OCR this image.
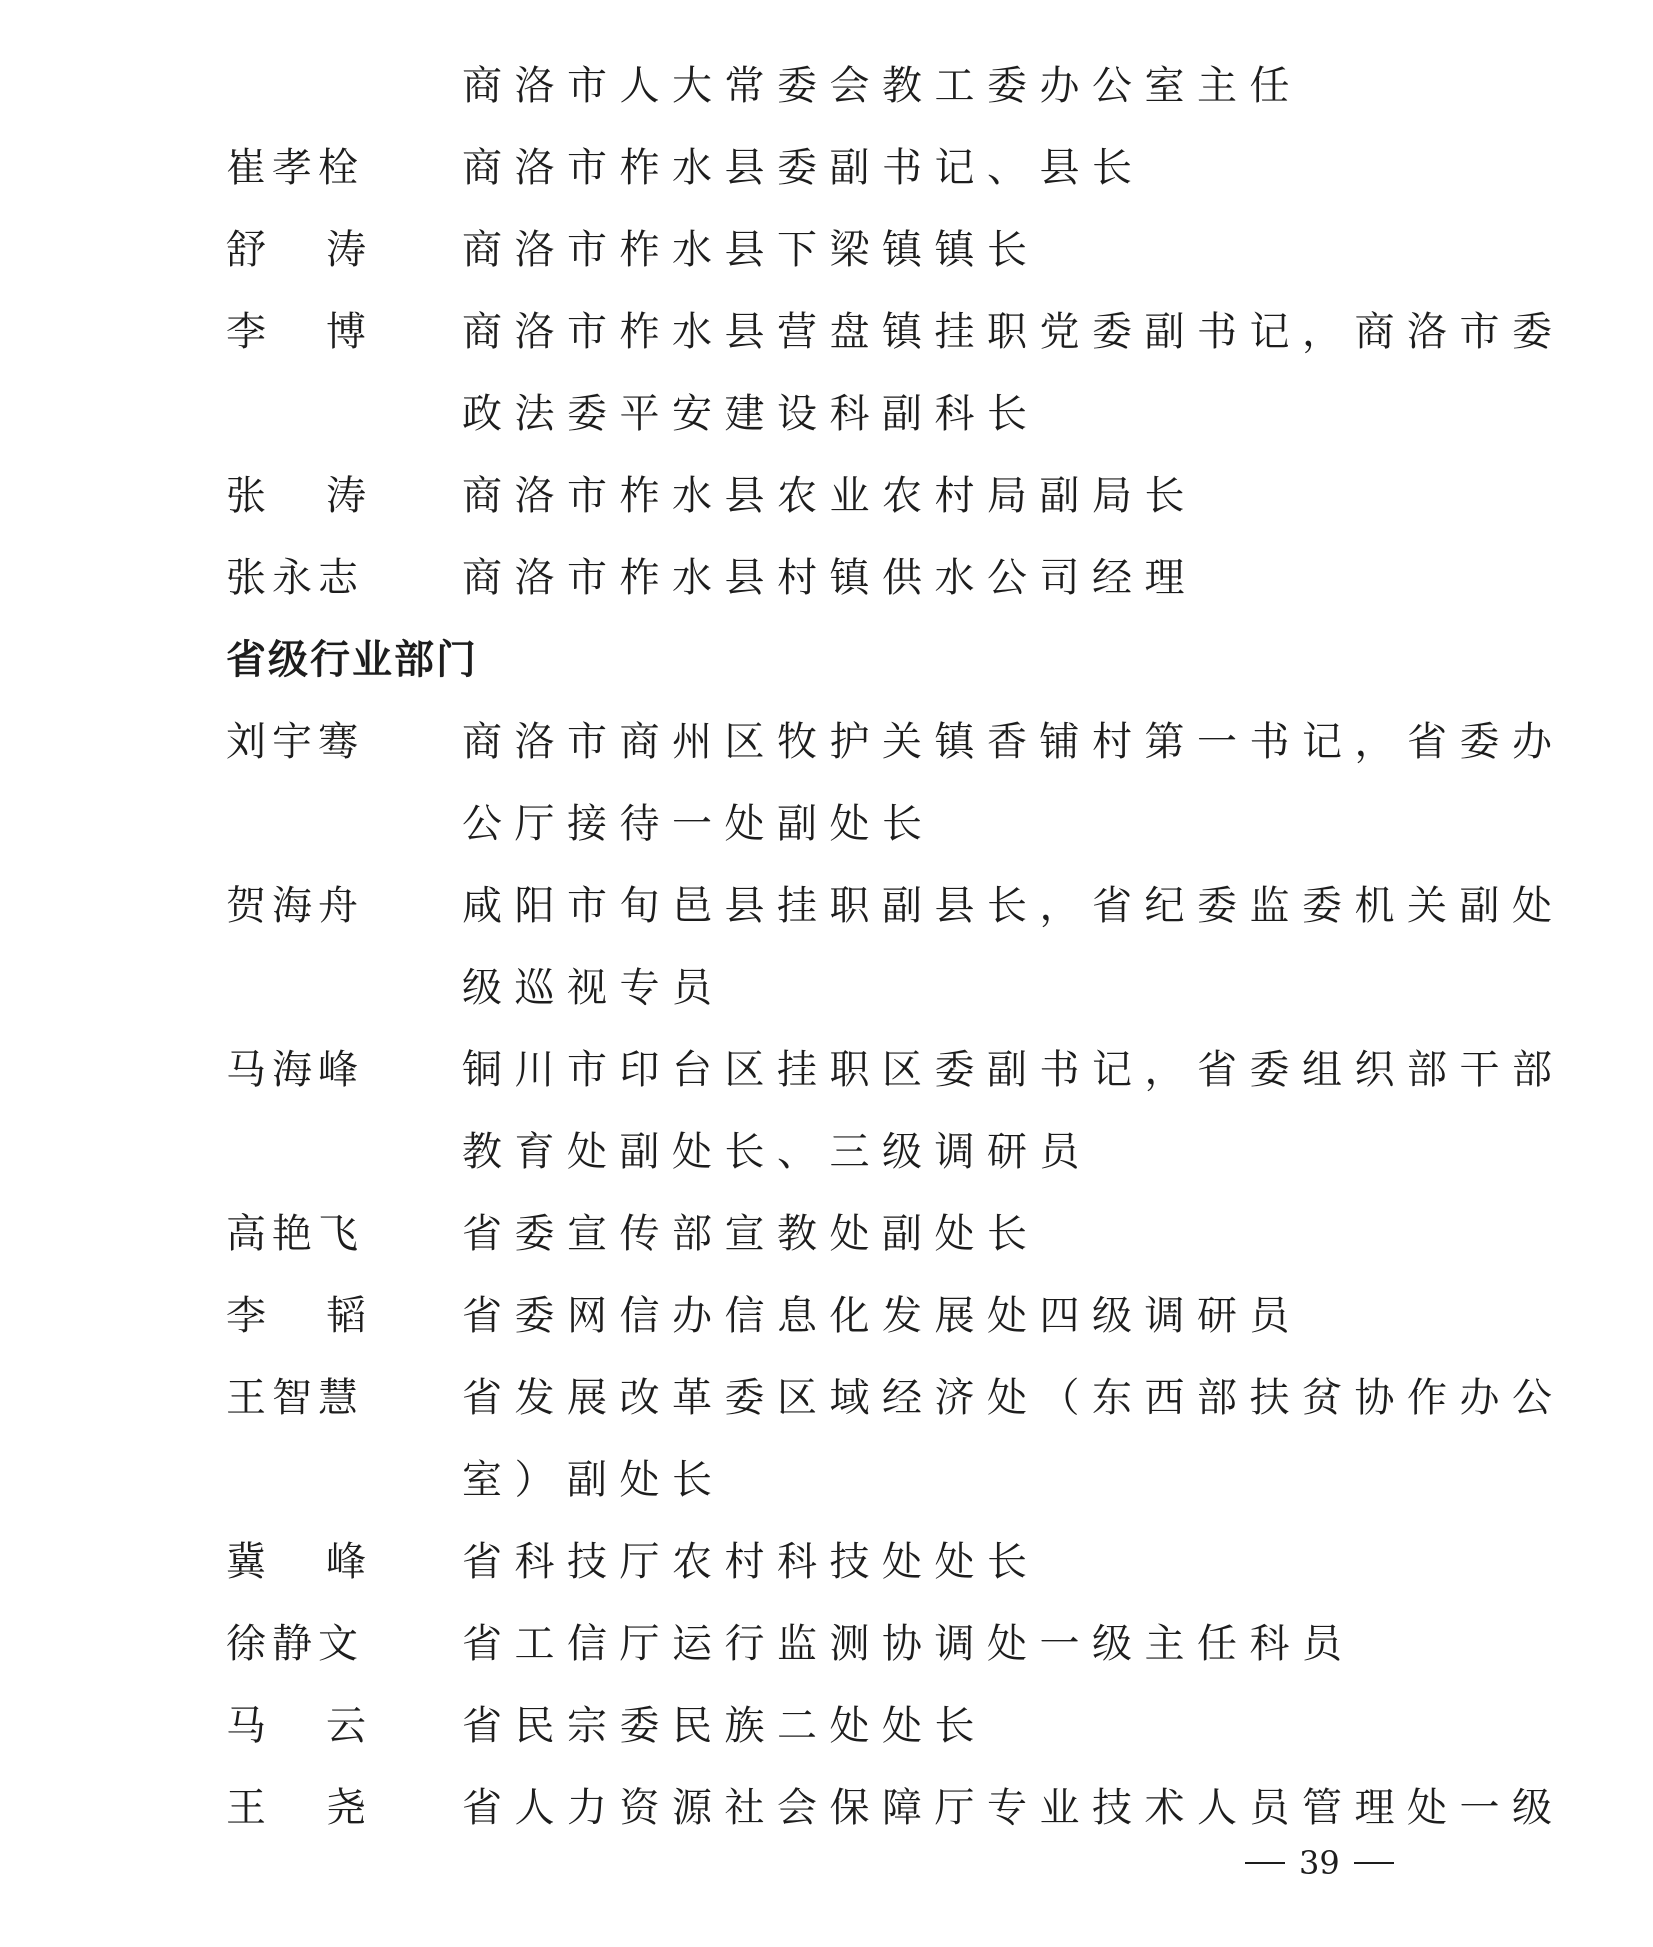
商洛市人大常委会教工委办公室主任
崔孝栓 商洛市柞水县委副书记、县长
舒 涛 商洛市柞水县下梁镇镇长
李 博 商洛市柞水县营盘镇挂职党委副书记，商洛市委
政法委平安建设科副科长
张 涛 商洛市柞水县农业农村局副局长
张永志 商洛市柞水县村镇供水公司经理
省级行业部门
刘宇骞 商洛市商州区牧护关镇香铺村第一书记，省委办
公厅接待一处副处长
贺海舟 咸阳市旬邑县挂职副县长，省纪委监委机关副处
级巡视专员
马海峰 铜川市印台区挂职区委副书记，省委组织部干部
教育处副处长、三级调研员
高艳飞 省委宣传部宣教处副处长
李 韬 省委网信办信息化发展处四级调研员
王智慧 省发展改革委区域经济处（东西部扶贫协作办公
室）副处长
冀 峰 省科技厅农村科技处处长
徐静文 省工信厅运行监测协调处一级主任科员
马 云 省民宗委民族二处处长
王 尧 省人力资源社会保障厅专业技术人员管理处一级
39
